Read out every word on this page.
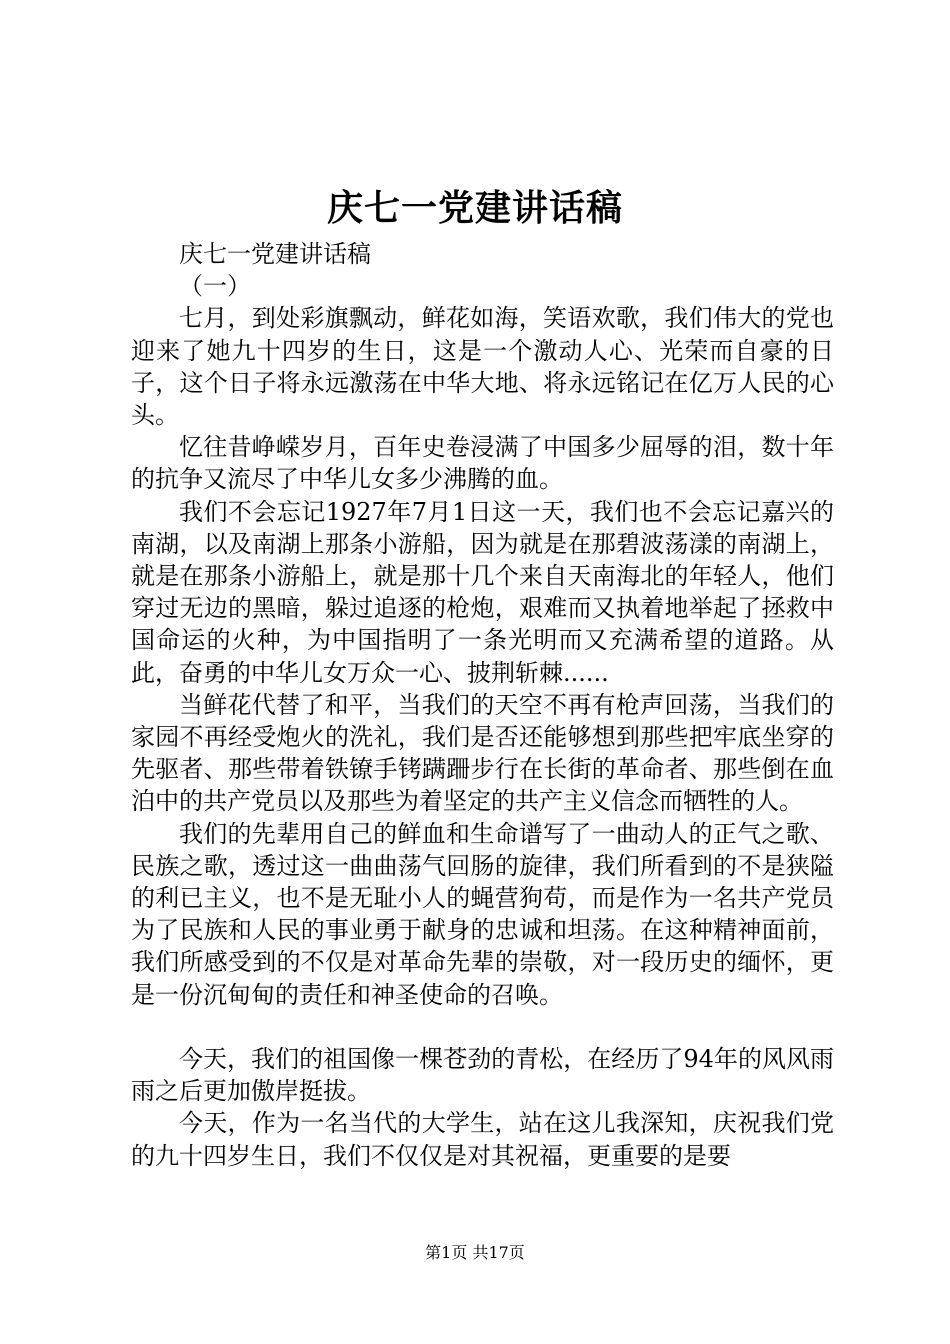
庆七一党建讲话稿

庆七一党建讲话稿

（一）

七月，到处彩旗飘动，鲜花如海，笑语欢歌，我们伟大的党也迎来了她九十四岁的生日，这是一个激动人心、光荣而自豪的日子，这个日子将永远激荡在中华大地、将永远铭记在亿万人民的心头。

忆往昔峥嵘岁月，百年史卷浸满了中国多少屈辱的泪，数十年的抗争又流尽了中华儿女多少沸腾的血。

我们不会忘记1927年7月1日这一天，我们也不会忘记嘉兴的南湖，以及南湖上那条小游船，因为就是在那碧波荡漾的南湖上，就是在那条小游船上，就是那十几个来自天南海北的年轻人，他们穿过无边的黑暗，躲过追逐的枪炮，艰难而又执着地举起了拯救中国命运的火种，为中国指明了一条光明而又充满希望的道路。从此，奋勇的中华儿女万众一心、披荆斩棘......

当鲜花代替了和平，当我们的天空不再有枪声回荡，当我们的家园不再经受炮火的洗礼，我们是否还能够想到那些把牢底坐穿的先驱者、那些带着铁镣手铐蹒跚步行在长街的革命者、那些倒在血泊中的共产党员以及那些为着坚定的共产主义信念而牺牲的人。

我们的先辈用自己的鲜血和生命谱写了一曲动人的正气之歌、民族之歌，透过这一曲曲荡气回肠的旋律，我们所看到的不是狭隘的利已主义，也不是无耻小人的蝇营狗苟，而是作为一名共产党员为了民族和人民的事业勇于献身的忠诚和坦荡。在这种精神面前，我们所感受到的不仅是对革命先辈的崇敬，对一段历史的缅怀，更是一份沉甸甸的责任和神圣使命的召唤。

今天，我们的祖国像一棵苍劲的青松，在经历了94年的风风雨雨之后更加傲岸挺拔。

今天，作为一名当代的大学生，站在这儿我深知，庆祝我们党的九十四岁生日，我们不仅仅是对其祝福，更重要的是要

第1页 共17页
